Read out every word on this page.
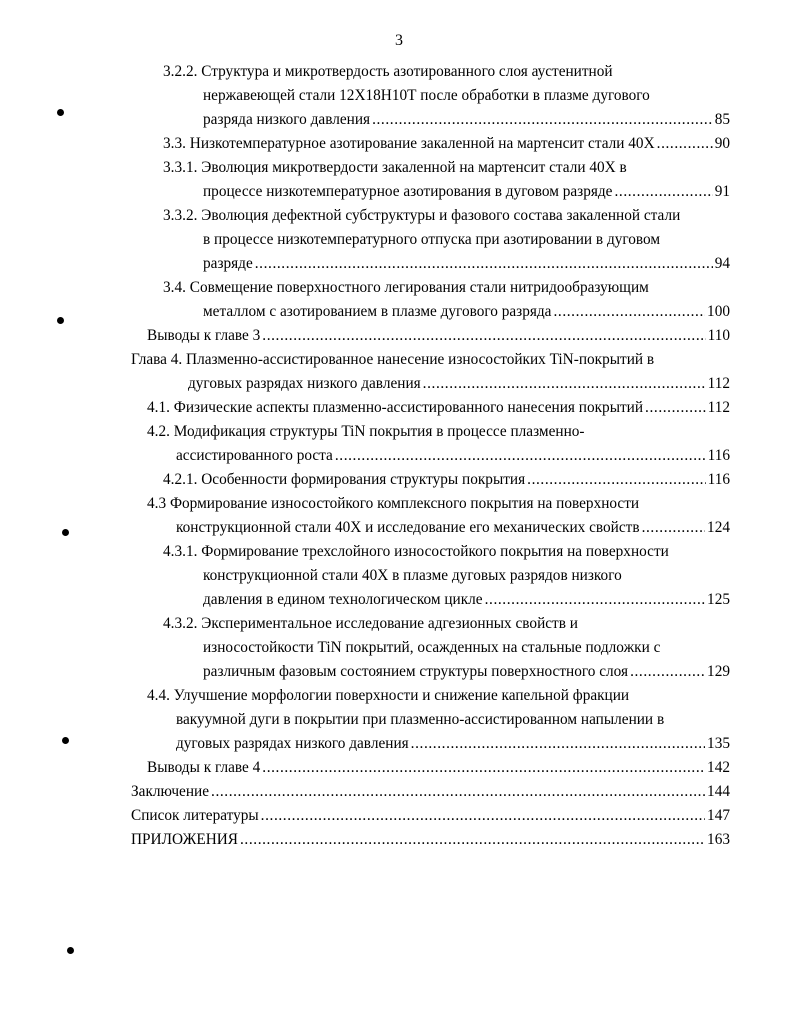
3
3.2.2. Структура и микротвердость азотированного слоя аустенитной
нержавеющей стали 12Х18Н10Т после обработки в плазме дугового
разряда низкого давления .....	85
3.3. Низкотемпературное азотирование закаленной на мартенсит стали 40Х .....	90
3.3.1. Эволюция микротвердости закаленной на мартенсит стали 40Х в
процессе низкотемпературное азотирования в дуговом разряде .....	91
3.3.2. Эволюция дефектной субструктуры и фазового состава закаленной стали
в процессе низкотемпературного отпуска при азотировании в дуговом
разряде .....	94
3.4. Совмещение поверхностного легирования стали нитридообразующим
металлом с азотированием в плазме дугового разряда .....	100
Выводы к главе 3 .....	110
Глава 4. Плазменно-ассистированное нанесение износостойких TiN-покрытий в
дуговых разрядах низкого давления .....	112
4.1. Физические аспекты плазменно-ассистированного нанесения покрытий .....	112
4.2. Модификация структуры TiN покрытия в процессе плазменно-
ассистированного роста .....	116
4.2.1. Особенности формирования структуры покрытия .....	116
4.3 Формирование износостойкого комплексного покрытия на поверхности
конструкционной стали 40Х и исследование его механических свойств .....	124
4.3.1. Формирование трехслойного износостойкого покрытия на поверхности
конструкционной стали 40Х в плазме дуговых разрядов низкого
давления в едином технологическом цикле .....	125
4.3.2. Экспериментальное исследование адгезионных свойств и
износостойкости TiN покрытий, осажденных на стальные подложки с
различным фазовым состоянием структуры поверхностного слоя .....	129
4.4. Улучшение морфологии поверхности и снижение капельной фракции
вакуумной дуги в покрытии при плазменно-ассистированном напылении в
дуговых разрядах низкого давления .....	135
Выводы к главе 4 .....	142
Заключение .....	144
Список литературы .....	147
ПРИЛОЖЕНИЯ .....	163
